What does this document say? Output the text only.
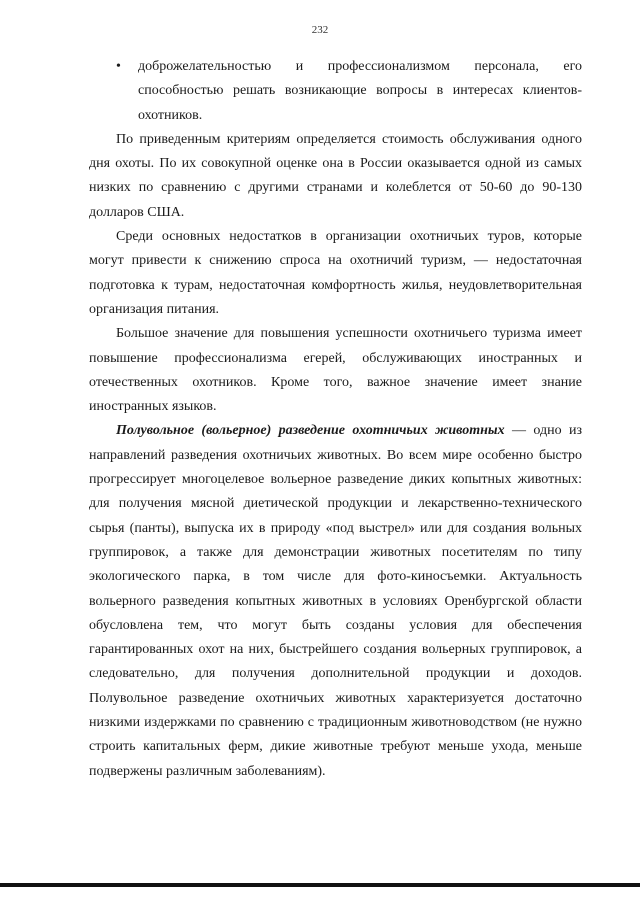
232
•	доброжелательностью и профессионализмом персонала, его способностью решать возникающие вопросы в интересах клиентов-охотников.

По приведенным критериям определяется стоимость обслуживания одного дня охоты. По их совокупной оценке она в России оказывается одной из самых низких по сравнению с другими странами и колеблется от 50-60 до 90-130 долларов США.

Среди основных недостатков в организации охотничьих туров, которые могут привести к снижению спроса на охотничий туризм, — недостаточная подготовка к турам, недостаточная комфортность жилья, неудовлетворительная организация питания.

Большое значение для повышения успешности охотничьего туризма имеет повышение профессионализма егерей, обслуживающих иностранных и отечественных охотников. Кроме того, важное значение имеет знание иностранных языков.

Полувольное (вольерное) разведение охотничьих животных — одно из направлений разведения охотничьих животных. Во всем мире особенно быстро прогрессирует многоцелевое вольерное разведение диких копытных животных: для получения мясной диетической продукции и лекарственно-технического сырья (панты), выпуска их в природу «под выстрел» или для создания вольных группировок, а также для демонстрации животных посетителям по типу экологического парка, в том числе для фото-киносъемки. Актуальность вольерного разведения копытных животных в условиях Оренбургской области обусловлена тем, что могут быть созданы условия для обеспечения гарантированных охот на них, быстрейшего создания вольерных группировок, а следовательно, для получения дополнительной продукции и доходов. Полувольное разведение охотничьих животных характеризуется достаточно низкими издержками по сравнению с традиционным животноводством (не нужно строить капитальных ферм, дикие животные требуют меньше ухода, меньше подвержены различным заболеваниям).
